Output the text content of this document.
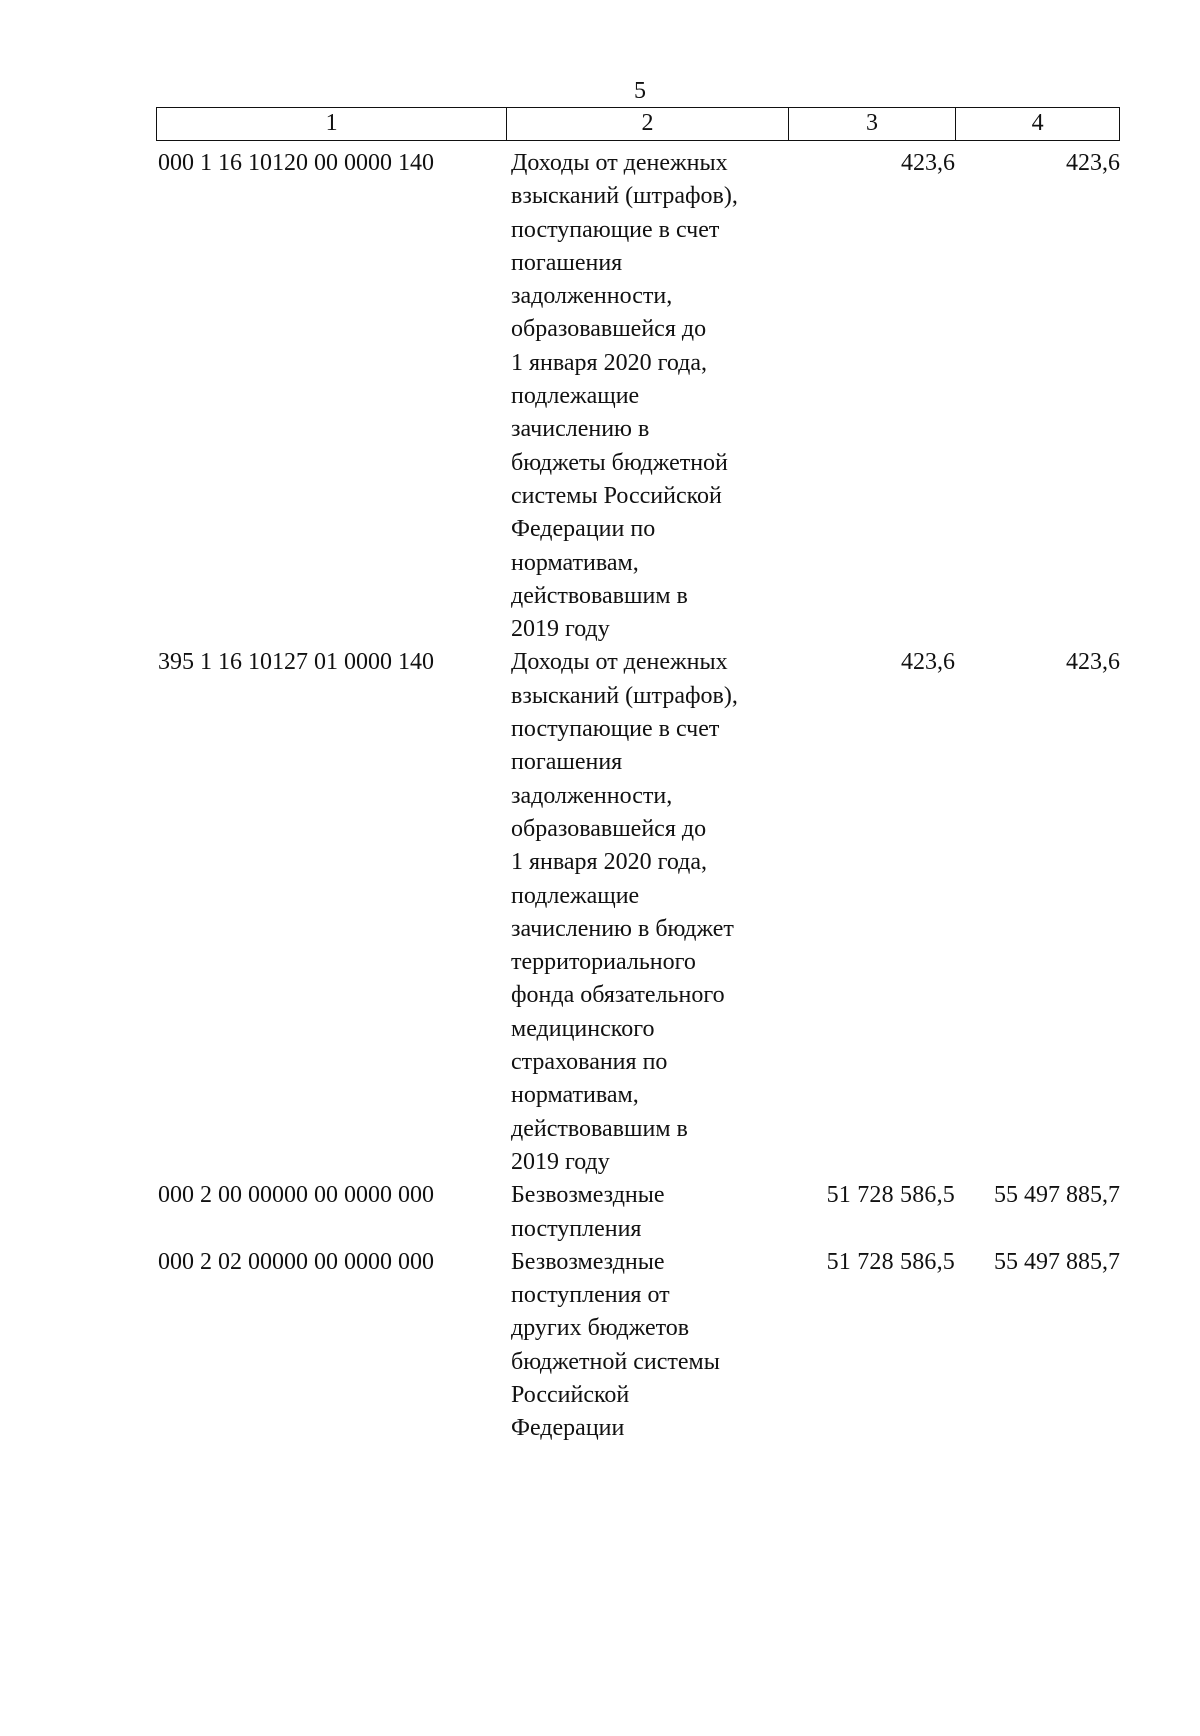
5
1	2	3	4
000 1 16 10120 00 0000 140	Доходы от денежных
взысканий (штрафов),
поступающие в счет
погашения
задолженности,
образовавшейся до
1 января 2020 года,
подлежащие
зачислению в
бюджеты бюджетной
системы Российской
Федерации по
нормативам,
действовавшим в
2019 году
423,6	423,6
395 1 16 10127 01 0000 140	Доходы от денежных
взысканий (штрафов),
поступающие в счет
погашения
задолженности,
образовавшейся до
1 января 2020 года,
подлежащие
зачислению в бюджет
территориального
фонда обязательного
медицинского
страхования по
нормативам,
действовавшим в
2019 году
423,6	423,6
000 2 00 00000 00 0000 000	Безвозмездные
поступления
51 728 586,5	55 497 885,7
000 2 02 00000 00 0000 000	Безвозмездные
поступления от
других бюджетов
бюджетной системы
Российской
Федерации
51 728 586,5	55 497 885,7
